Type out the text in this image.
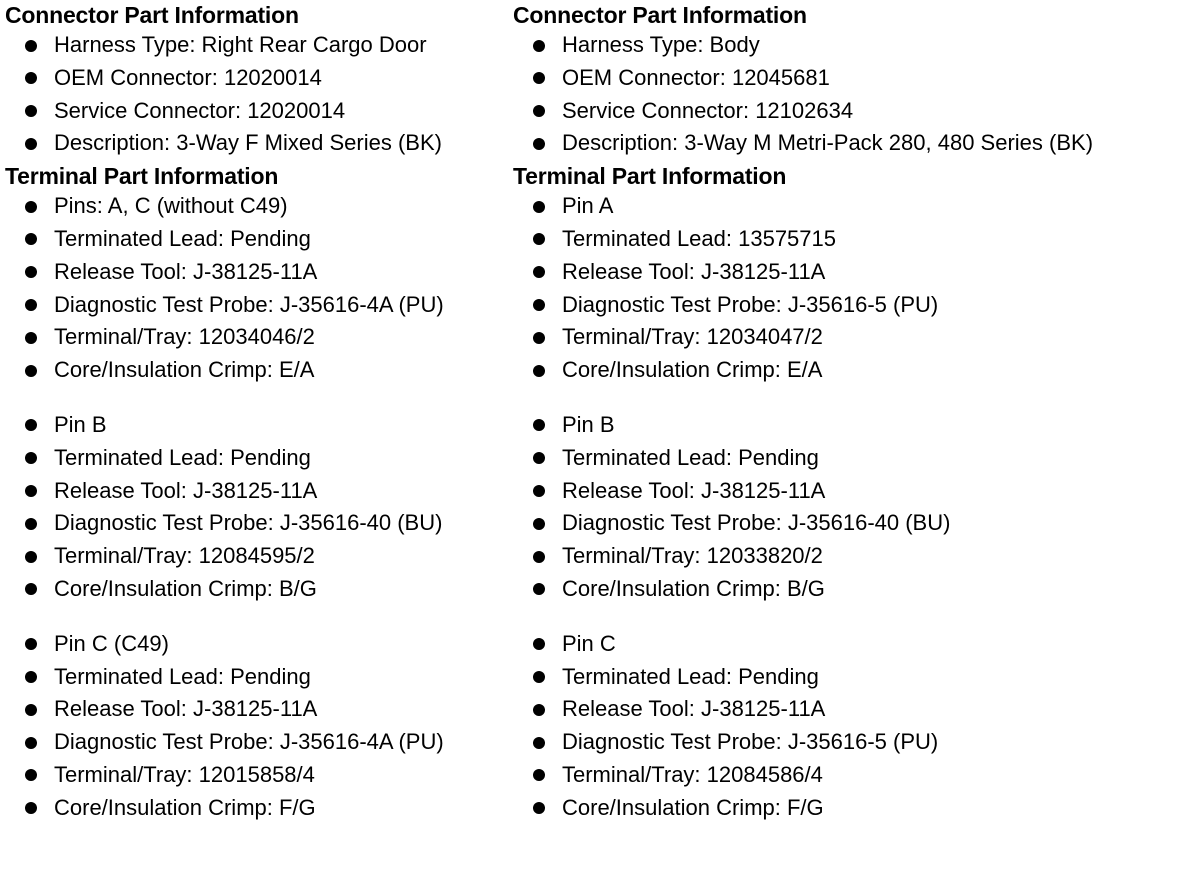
Connector Part Information
Harness Type: Right Rear Cargo Door
OEM Connector: 12020014
Service Connector: 12020014
Description: 3-Way F Mixed Series (BK)
Terminal Part Information
Pins: A, C (without C49)
Terminated Lead: Pending
Release Tool: J-38125-11A
Diagnostic Test Probe: J-35616-4A (PU)
Terminal/Tray: 12034046/2
Core/Insulation Crimp: E/A
Pin B
Terminated Lead: Pending
Release Tool: J-38125-11A
Diagnostic Test Probe: J-35616-40 (BU)
Terminal/Tray: 12084595/2
Core/Insulation Crimp: B/G
Pin C (C49)
Terminated Lead: Pending
Release Tool: J-38125-11A
Diagnostic Test Probe: J-35616-4A (PU)
Terminal/Tray: 12015858/4
Core/Insulation Crimp: F/G
Connector Part Information
Harness Type: Body
OEM Connector: 12045681
Service Connector: 12102634
Description: 3-Way M Metri-Pack 280, 480 Series (BK)
Terminal Part Information
Pin A
Terminated Lead: 13575715
Release Tool: J-38125-11A
Diagnostic Test Probe: J-35616-5 (PU)
Terminal/Tray: 12034047/2
Core/Insulation Crimp: E/A
Pin B
Terminated Lead: Pending
Release Tool: J-38125-11A
Diagnostic Test Probe: J-35616-40 (BU)
Terminal/Tray: 12033820/2
Core/Insulation Crimp: B/G
Pin C
Terminated Lead: Pending
Release Tool: J-38125-11A
Diagnostic Test Probe: J-35616-5 (PU)
Terminal/Tray: 12084586/4
Core/Insulation Crimp: F/G
